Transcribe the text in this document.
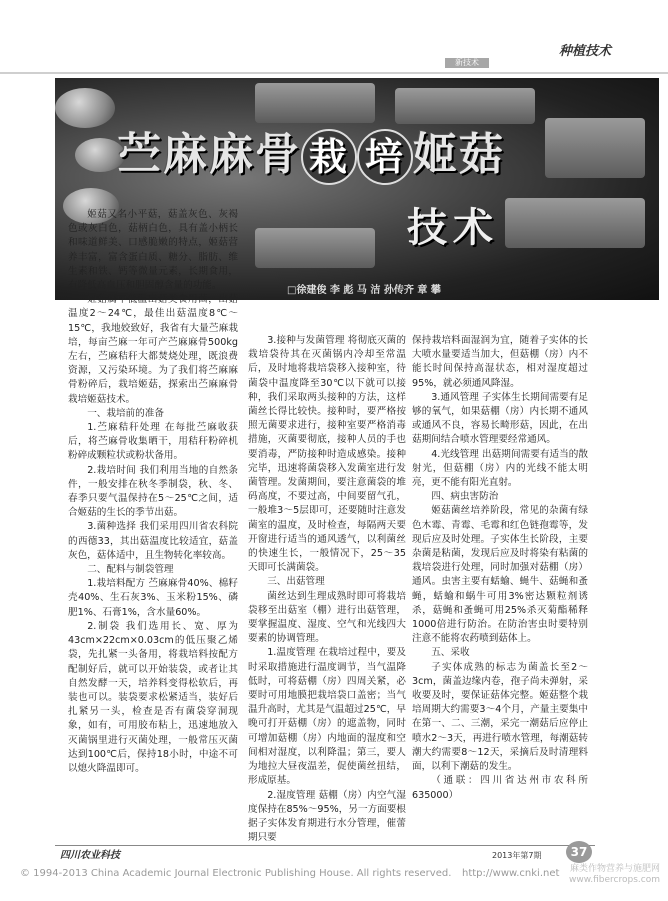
种植技术
新技术
苎麻麻骨 栽 培 姬菇
技术
□徐建俊 李 彪 马 洁 孙传齐 章 攀

姬菇又名小平菇，菇盖灰色、灰褐色或灰白色，菇柄白色，具有盖小柄长和味道鲜美、口感脆嫩的特点，姬菇营养丰富，富含蛋白质、糖分、脂肪、维生素和铁、钙等微量元素，长期食用，有降低高血压和胆固醇含量的功能。

姬菇属中低温出菇类食用菌，出菇温度2～24℃，最佳出菇温度8℃～15℃，我地姣致好，我省有大量苎麻栽培，每亩苎麻一年可产苎麻麻骨500kg左右，苎麻秸秆大都焚烧处理，既浪费资源，又污染环境。为了我们将苎麻麻骨粉碎后，栽培姬菇，探索出苎麻麻骨栽培姬菇技术。

一、栽培前的准备

1.苎麻秸秆处理 在每批苎麻收获后，将苎麻骨收集晒干，用秸秆粉碎机粉碎成颗粒状或粉状备用。

2.栽培时间 我们利用当地的自然条件，一般安排在秋冬季制袋，秋、冬、春季只要气温保持在5～25℃之间，适合姬菇的生长的季节出菇。

3.菌种选择 我们采用四川省农科院的西德33，其出菇温度比较适宜，菇盖灰色，菇体适中，且生物转化率较高。

二、配料与制袋管理

1.栽培料配方 苎麻麻骨40%、棉籽壳40%、生石灰3%、玉米粉15%、磷肥1%、石膏1%，含水量60%。

2.制袋 我们选用长、宽、厚为43cm×22cm×0.03cm的低压聚乙烯袋，先扎紧一头备用，将栽培料按配方配制好后，就可以开始装袋，或者让其自然发酵一天，培养料变得松软后，再装也可以。装袋要求松紧适当，装好后扎紧另一头，检查是否有菌袋穿洞现象，如有，可用胶布粘上，迅速地放入灭菌锅里进行灭菌处理，一般常压灭菌达到100℃后，保持18小时，中途不可以熄火降温即可。

3.接种与发菌管理 将彻底灭菌的栽培袋待其在灭菌锅内冷却至常温后，及时地将栽培袋移入接种室，待菌袋中温度降至30℃以下就可以接种，我们采取两头接种的方法，这样菌丝长得比较快。接种时，要严格按照无菌要求进行，接种室要严格消毒措施，灭菌要彻底，接种人员的手也要消毒，严防接种时造成感染。接种完毕，迅速将菌袋移入发菌室进行发菌管理。发菌期间，要注意菌袋的堆码高度，不要过高，中间要留气孔，一般堆3～5层即可，还要随时注意发菌室的温度，及时检查，每隔两天要开窗进行适当的通风透气，以利菌丝的快速生长，一般情况下，25～35天即可长满菌袋。

三、出菇管理

菌丝达到生理成熟时即可将栽培袋移至出菇室（棚）进行出菇管理，要掌握温度、湿度、空气和光线四大要素的协调管理。

1.温度管理 在栽培过程中，要及时采取措施进行温度调节，当气温降低时，可将菇棚（房）四周关紧，必要时可用地膜把栽培袋口盖密；当气温升高时，尤其是气温超过25℃，早晚可打开菇棚（房）的遮盖物，同时可增加菇棚（房）内地面的湿度和空间相对湿度，以利降温；第三，要人为地拉大昼夜温差，促使菌丝扭结，形成原基。

2.湿度管理 菇棚（房）内空气湿度保持在85%～95%，另一方面要根据子实体发育期进行水分管理，催蕾期只要

保持栽培料面湿润为宜，随着子实体的长大喷水量要适当加大，但菇棚（房）内不能长时间保持高湿状态，相对湿度超过95%，就必须通风降湿。

3.通风管理 子实体生长期间需要有足够的氧气，如果菇棚（房）内长期不通风或通风不良，容易长畸形菇，因此，在出菇期间结合喷水管理要经常通风。

4.光线管理 出菇期间需要有适当的散射光，但菇棚（房）内的光线不能太明亮，更不能有阳光直射。

四、病虫害防治

姬菇菌丝培养阶段，常见的杂菌有绿色木霉、青霉、毛霉和红色链孢霉等，发现后应及时处理。子实体生长阶段，主要杂菌是粘菌，发现后应及时将染有粘菌的栽培袋进行处理，同时加强对菇棚（房）通风。虫害主要有蛞蝓、蝇牛、菇蝇和蚤蝇，蛞蝓和蜗牛可用3%密达颗粒剂诱杀，菇蝇和蚤蝇可用25%杀灭菊酯稀释1000倍进行防治。在防治害虫时要特别注意不能将农药喷到菇体上。

五、采收

子实体成熟的标志为菌盖长至2～3cm，菌盖边缘内卷，孢子尚未弹射，采收要及时，要保证菇体完整。姬菇整个栽培周期大约需要3～4个月，产量主要集中在第一、二、三潮，采完一潮菇后应停止喷水2～3天，再进行喷水管理，每潮菇转潮大约需要8～12天，采摘后及时清理料面，以利下潮菇的发生。

（通联：四川省达州市农科所 635000）

四川农业科技	2013年第7期	37
© 1994-2013 China Academic Journal Electronic Publishing House. All rights reserved. http://www.cnki.net	麻类作物营养与施肥网 www.fibercrops.com
